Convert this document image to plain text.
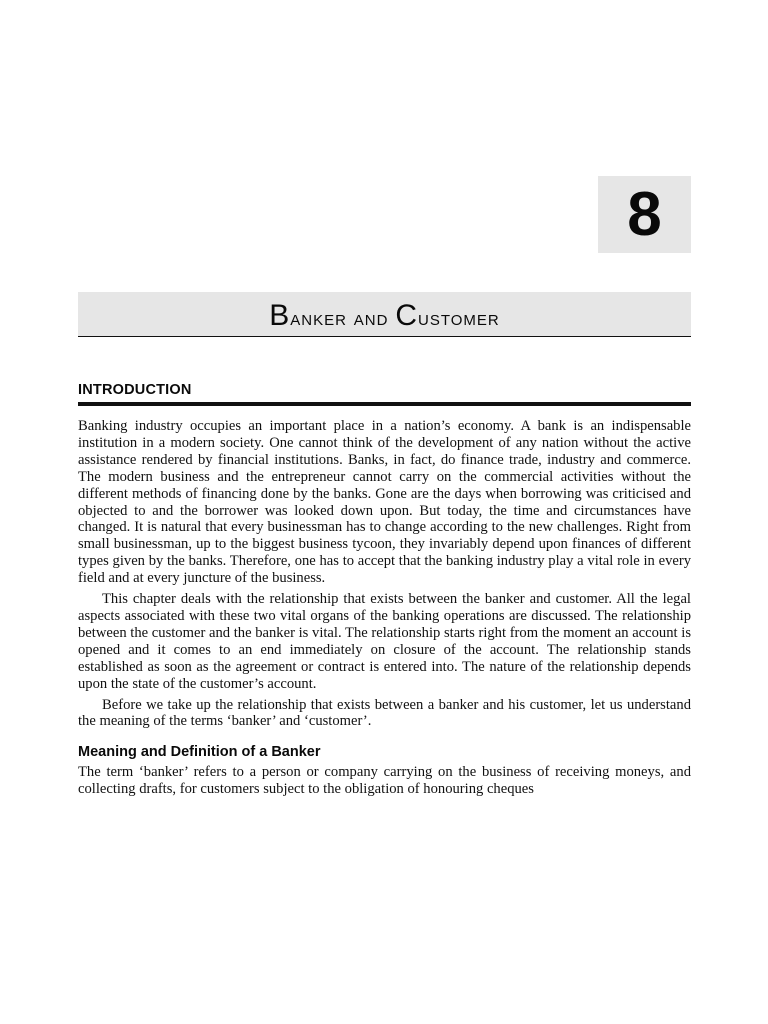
8
Banker and Customer
INTRODUCTION

Banking industry occupies an important place in a nation’s economy. A bank is an indispensable institution in a modern society. One cannot think of the development of any nation without the active assistance rendered by financial institutions. Banks, in fact, do finance trade, industry and commerce. The modern business and the entrepreneur cannot carry on the commercial activities without the different methods of financing done by the banks. Gone are the days when borrowing was criticised and objected to and the borrower was looked down upon. But today, the time and circumstances have changed. It is natural that every businessman has to change according to the new challenges. Right from small businessman, up to the biggest business tycoon, they invariably depend upon finances of different types given by the banks. Therefore, one has to accept that the banking industry play a vital role in every field and at every juncture of the business.

This chapter deals with the relationship that exists between the banker and customer. All the legal aspects associated with these two vital organs of the banking operations are discussed. The relationship between the customer and the banker is vital. The relationship starts right from the moment an account is opened and it comes to an end immediately on closure of the account. The relationship stands established as soon as the agreement or contract is entered into. The nature of the relationship depends upon the state of the customer’s account.

Before we take up the relationship that exists between a banker and his customer, let us understand the meaning of the terms ‘banker’ and ‘customer’.

Meaning and Definition of a Banker

The term ‘banker’ refers to a person or company carrying on the business of receiving moneys, and collecting drafts, for customers subject to the obligation of honouring cheques
